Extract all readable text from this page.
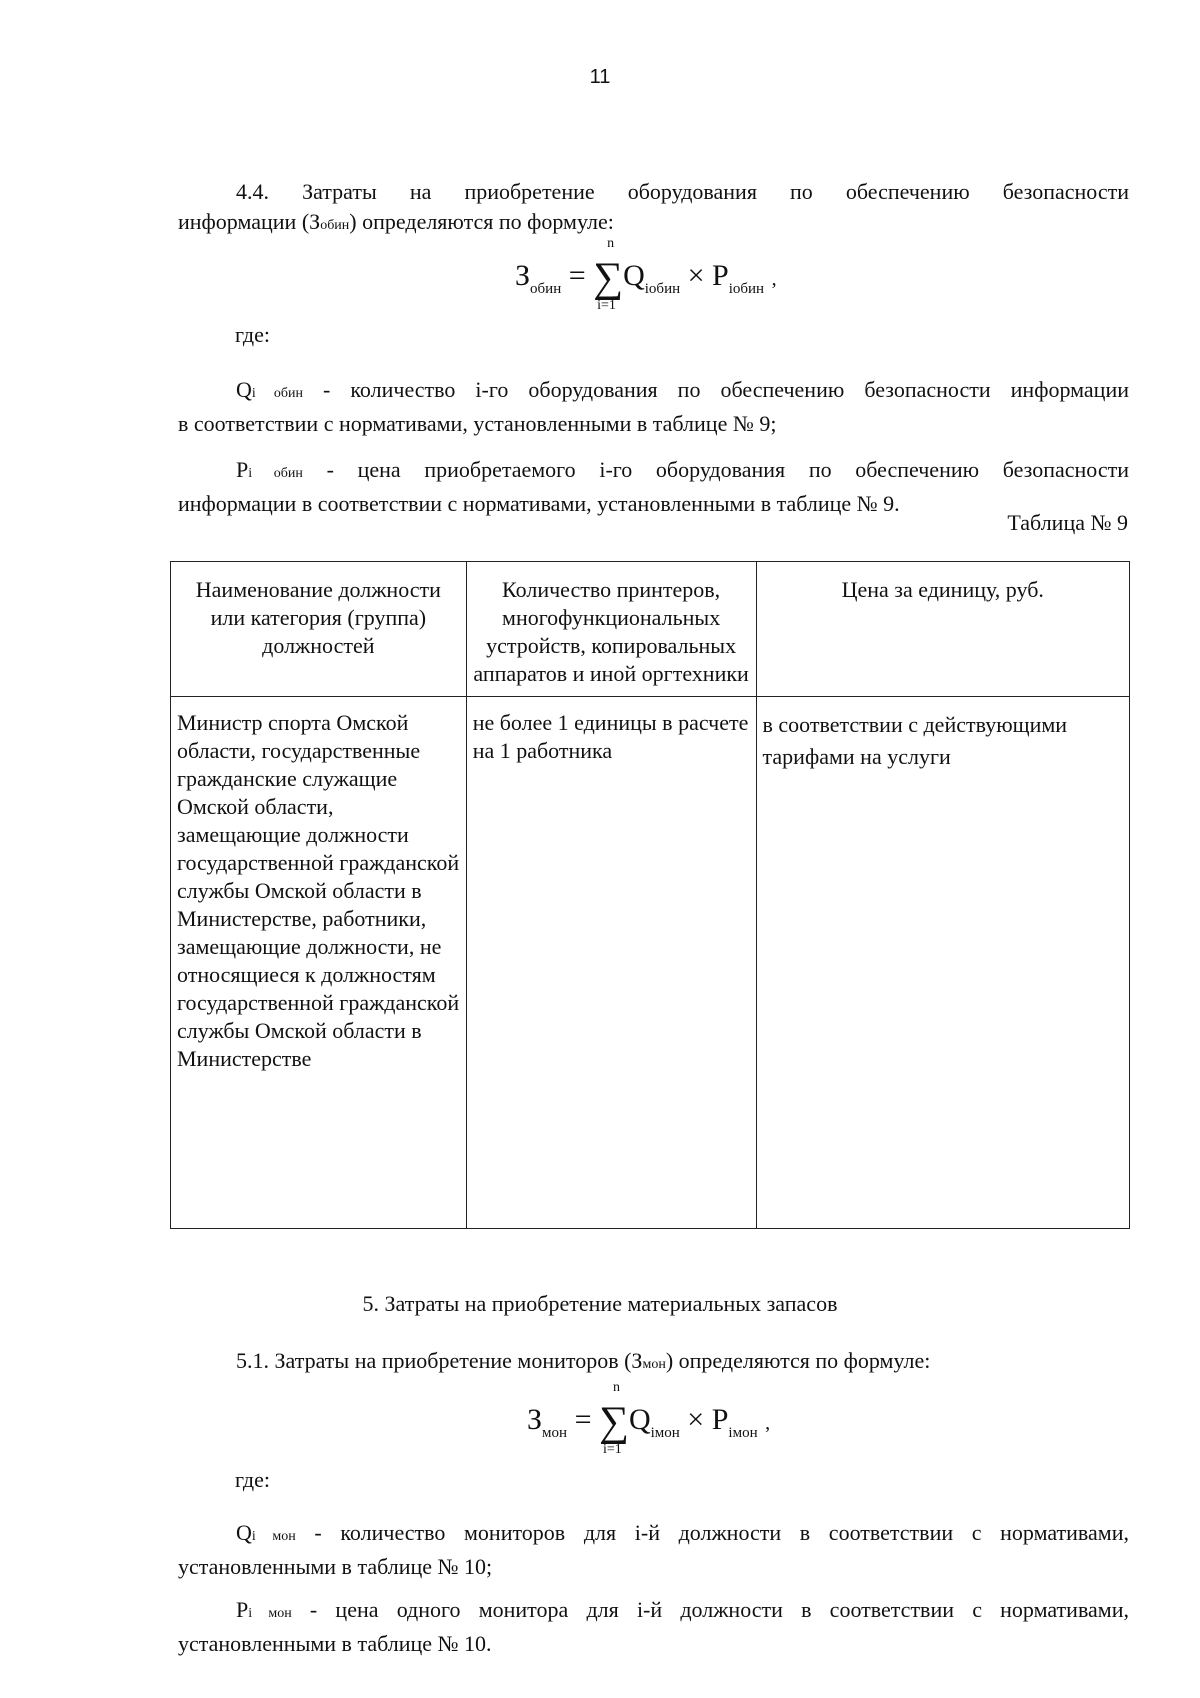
11
4.4. Затраты на приобретение оборудования по обеспечению безопасности
информации (Зобин) определяются по формуле:
$З_{обин}$ =
n
∑
i=1
$Q_{iобин} \times P_{iобин}$ ,
где:
Qi обин - количество i-го оборудования по обеспечению безопасности информации
в соответствии с нормативами, установленными в таблице № 9;
Pi обин - цена приобретаемого i-го оборудования по обеспечению безопасности
информации в соответствии с нормативами, установленными в таблице № 9.
Таблица № 9
Наименование должности или категория (группа) должностей	Количество принтеров, многофункциональных устройств, копировальных аппаратов и иной оргтехники	Цена за единицу, руб.
Министр спорта Омской области, государственные гражданские служащие Омской области, замещающие должности государственной гражданской службы Омской области в Министерстве, работники, замещающие должности, не относящиеся к должностям государственной гражданской службы Омской области в Министерстве	не более 1 единицы в расчете на 1 работника	в соответствии с действующими тарифами на услуги
5. Затраты на приобретение материальных запасов
5.1. Затраты на приобретение мониторов (Змон) определяются по формуле:
$З_{мон}$ =
n
∑
i=1
$Q_{iмон} \times P_{iмон}$ ,
где:
Qi мон - количество мониторов для i-й должности в соответствии с нормативами,
установленными в таблице № 10;
Pi мон - цена одного монитора для i-й должности в соответствии с нормативами,
установленными в таблице № 10.
